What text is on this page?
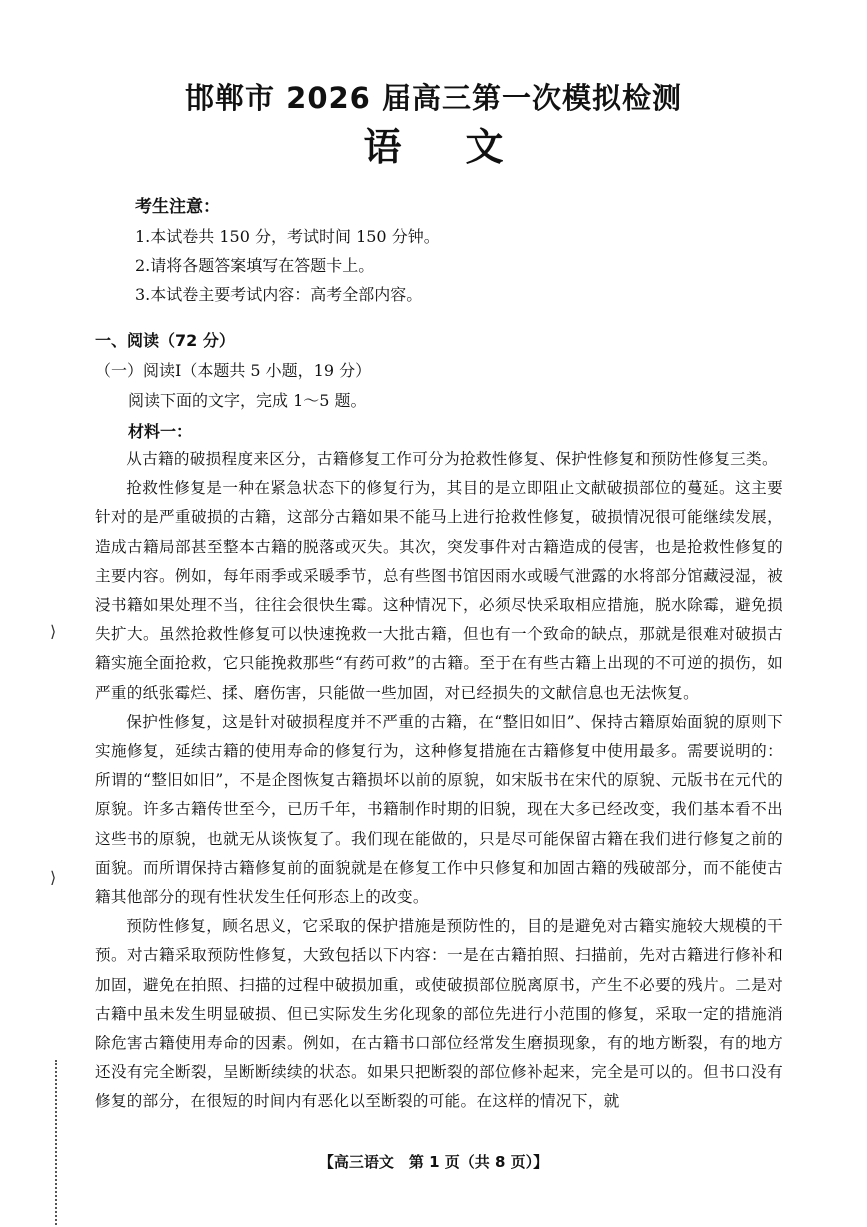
邯郸市 2026 届高三第一次模拟检测
语文
考生注意：
1.本试卷共 150 分，考试时间 150 分钟。
2.请将各题答案填写在答题卡上。
3.本试卷主要考试内容：高考全部内容。
一、阅读（72 分）
（一）阅读Ⅰ（本题共 5 小题，19 分）
阅读下面的文字，完成 1～5 题。
材料一：

从古籍的破损程度来区分，古籍修复工作可分为抢救性修复、保护性修复和预防性修复三类。

抢救性修复是一种在紧急状态下的修复行为，其目的是立即阻止文献破损部位的蔓延。这主要针对的是严重破损的古籍，这部分古籍如果不能马上进行抢救性修复，破损情况很可能继续发展，造成古籍局部甚至整本古籍的脱落或灭失。其次，突发事件对古籍造成的侵害，也是抢救性修复的主要内容。例如，每年雨季或采暖季节，总有些图书馆因雨水或暖气泄露的水将部分馆藏浸湿，被浸书籍如果处理不当，往往会很快生霉。这种情况下，必须尽快采取相应措施，脱水除霉，避免损失扩大。虽然抢救性修复可以快速挽救一大批古籍，但也有一个致命的缺点，那就是很难对破损古籍实施全面抢救，它只能挽救那些“有药可救”的古籍。至于在有些古籍上出现的不可逆的损伤，如严重的纸张霉烂、揉、磨伤害，只能做一些加固，对已经损失的文献信息也无法恢复。

保护性修复，这是针对破损程度并不严重的古籍，在“整旧如旧”、保持古籍原始面貌的原则下实施修复，延续古籍的使用寿命的修复行为，这种修复措施在古籍修复中使用最多。需要说明的：所谓的“整旧如旧”，不是企图恢复古籍损坏以前的原貌，如宋版书在宋代的原貌、元版书在元代的原貌。许多古籍传世至今，已历千年，书籍制作时期的旧貌，现在大多已经改变，我们基本看不出这些书的原貌，也就无从谈恢复了。我们现在能做的，只是尽可能保留古籍在我们进行修复之前的面貌。而所谓保持古籍修复前的面貌就是在修复工作中只修复和加固古籍的残破部分，而不能使古籍其他部分的现有性状发生任何形态上的改变。

预防性修复，顾名思义，它采取的保护措施是预防性的，目的是避免对古籍实施较大规模的干预。对古籍采取预防性修复，大致包括以下内容：一是在古籍拍照、扫描前，先对古籍进行修补和加固，避免在拍照、扫描的过程中破损加重，或使破损部位脱离原书，产生不必要的残片。二是对古籍中虽未发生明显破损、但已实际发生劣化现象的部位先进行小范围的修复，采取一定的措施消除危害古籍使用寿命的因素。例如，在古籍书口部位经常发生磨损现象，有的地方断裂，有的地方还没有完全断裂，呈断断续续的状态。如果只把断裂的部位修补起来，完全是可以的。但书口没有修复的部分，在很短的时间内有恶化以至断裂的可能。在这样的情况下，就

⟩
⟩
【高三语文　第 1 页（共 8 页）】
